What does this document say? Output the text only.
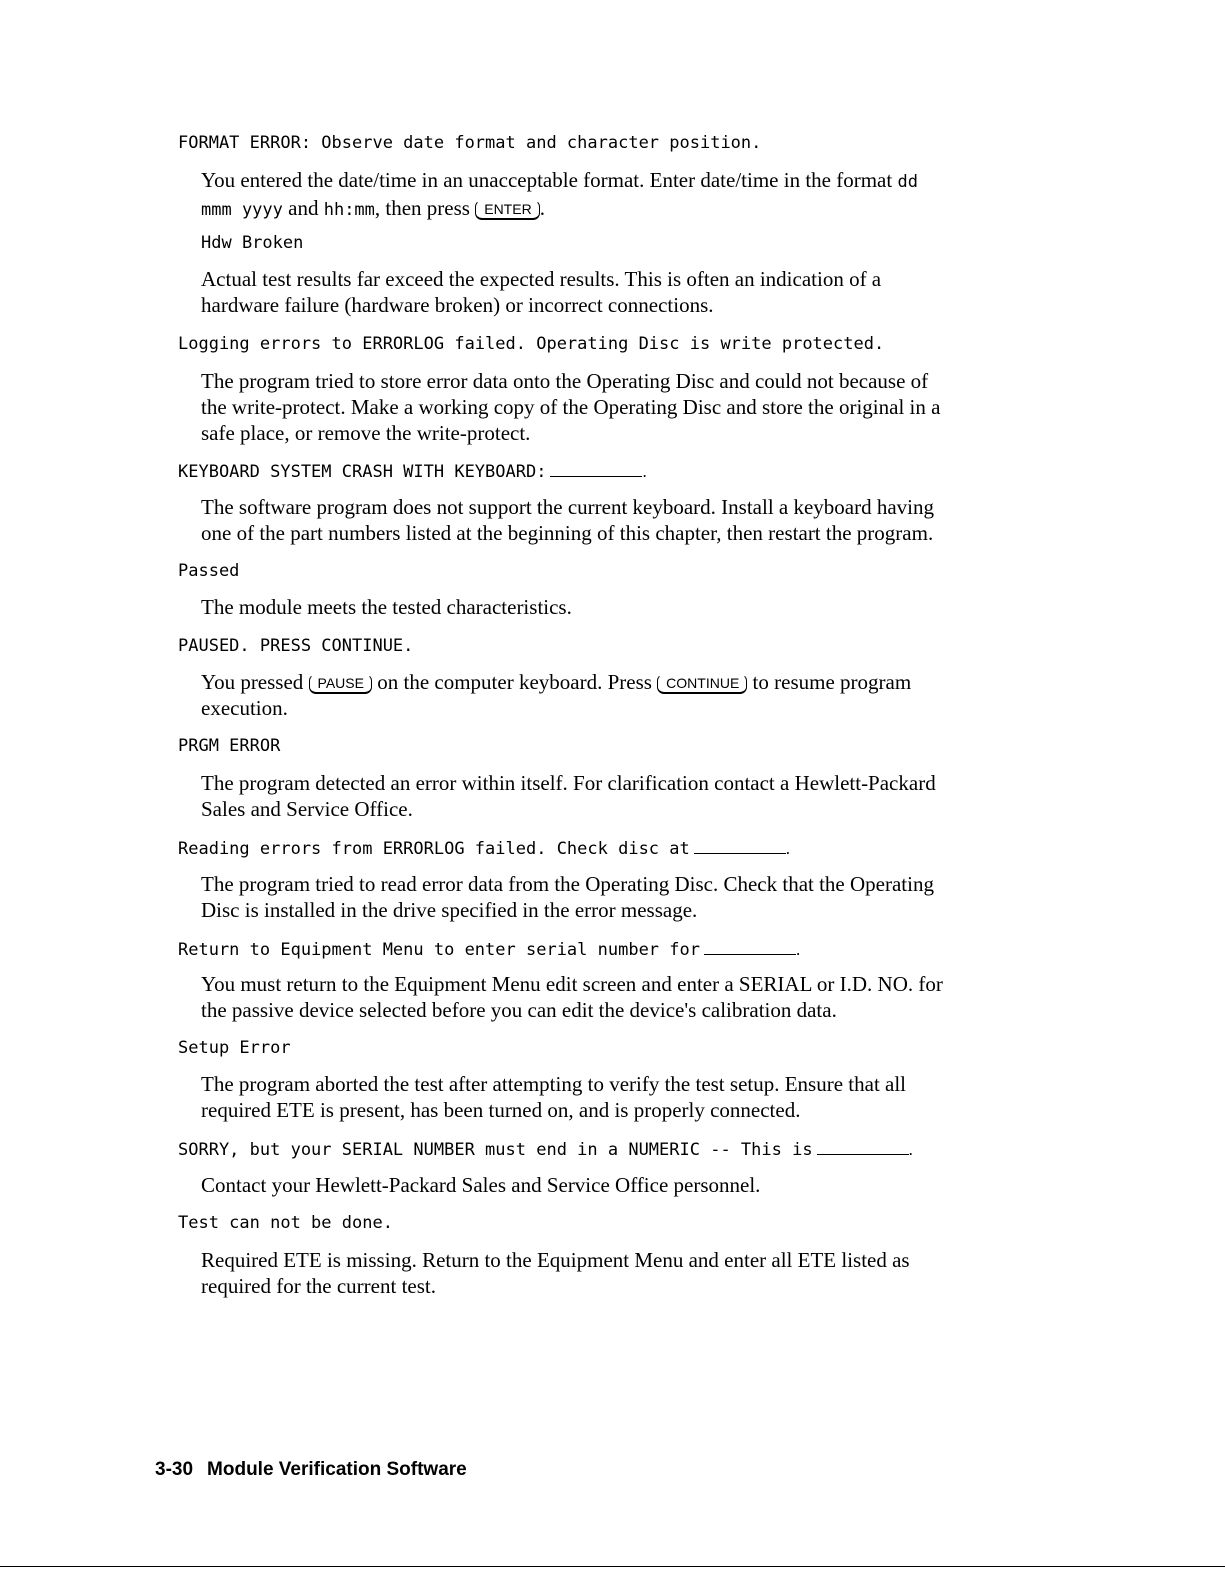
FORMAT ERROR: Observe date format and character position.
You entered the date/time in an unacceptable format. Enter date/time in the format dd
mmm yyyy and hh:mm, then press ENTER .
Hdw Broken
Actual test results far exceed the expected results. This is often an indication of a
hardware failure (hardware broken) or incorrect connections.
Logging errors to ERRORLOG failed. Operating Disc is write protected.
The program tried to store error data onto the Operating Disc and could not because of
the write-protect. Make a working copy of the Operating Disc and store the original in a
safe place, or remove the write-protect.
KEYBOARD SYSTEM CRASH WITH KEYBOARD:	.
The software program does not support the current keyboard. Install a keyboard having
one of the part numbers listed at the beginning of this chapter, then restart the program.
Passed
The module meets the tested characteristics.
PAUSED. PRESS CONTINUE.
You pressed PAUSE on the computer keyboard. Press CONTINUE to resume program
execution.
PRGM ERROR
The program detected an error within itself. For clarification contact a Hewlett-Packard
Sales and Service Office.
Reading errors from ERRORLOG failed. Check disc at	.
The program tried to read error data from the Operating Disc. Check that the Operating
Disc is installed in the drive specified in the error message.
Return to Equipment Menu to enter serial number for	.
You must return to the Equipment Menu edit screen and enter a SERIAL or I.D. NO. for
the passive device selected before you can edit the device's calibration data.
Setup Error
The program aborted the test after attempting to verify the test setup. Ensure that all
required ETE is present, has been turned on, and is properly connected.
SORRY, but your SERIAL NUMBER must end in a NUMERIC -- This is	.
Contact your Hewlett-Packard Sales and Service Office personnel.
Test can not be done.
Required ETE is missing. Return to the Equipment Menu and enter all ETE listed as
required for the current test.
3-30 Module Verification Software
